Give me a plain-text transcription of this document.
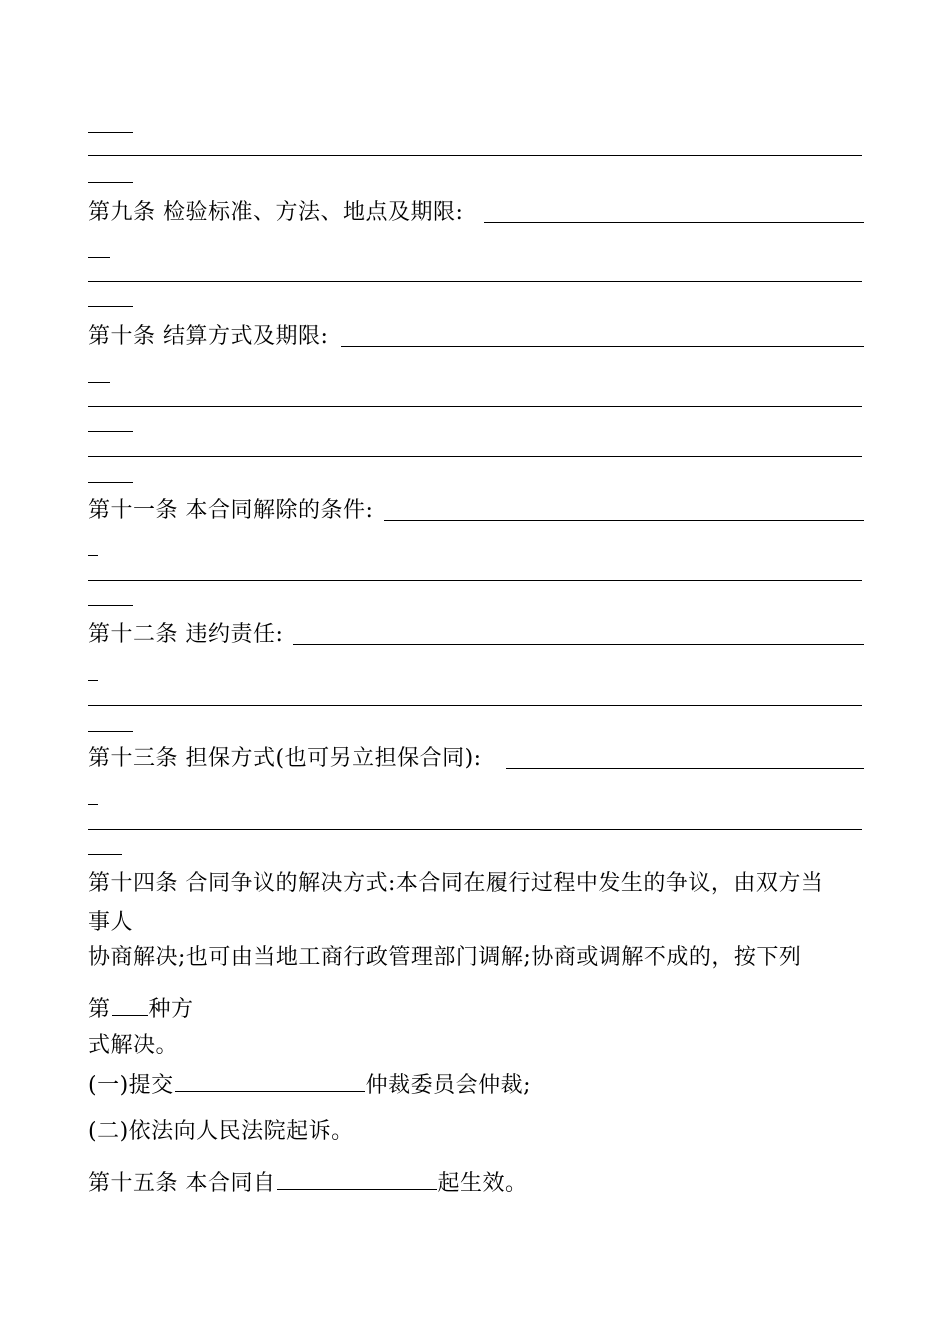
第九条 检验标准、方法、地点及期限:
第十条 结算方式及期限:
第十一条 本合同解除的条件:
第十二条 违约责任:
第十三条 担保方式(也可另立担保合同):
第十四条 合同争议的解决方式:本合同在履行过程中发生的争议，由双方当
事人
协商解决;也可由当地工商行政管理部门调解;协商或调解不成的，按下列
第 种方
式解决。
(一)提交	仲裁委员会仲裁;
(二)依法向人民法院起诉。
第十五条 本合同自	起生效。
